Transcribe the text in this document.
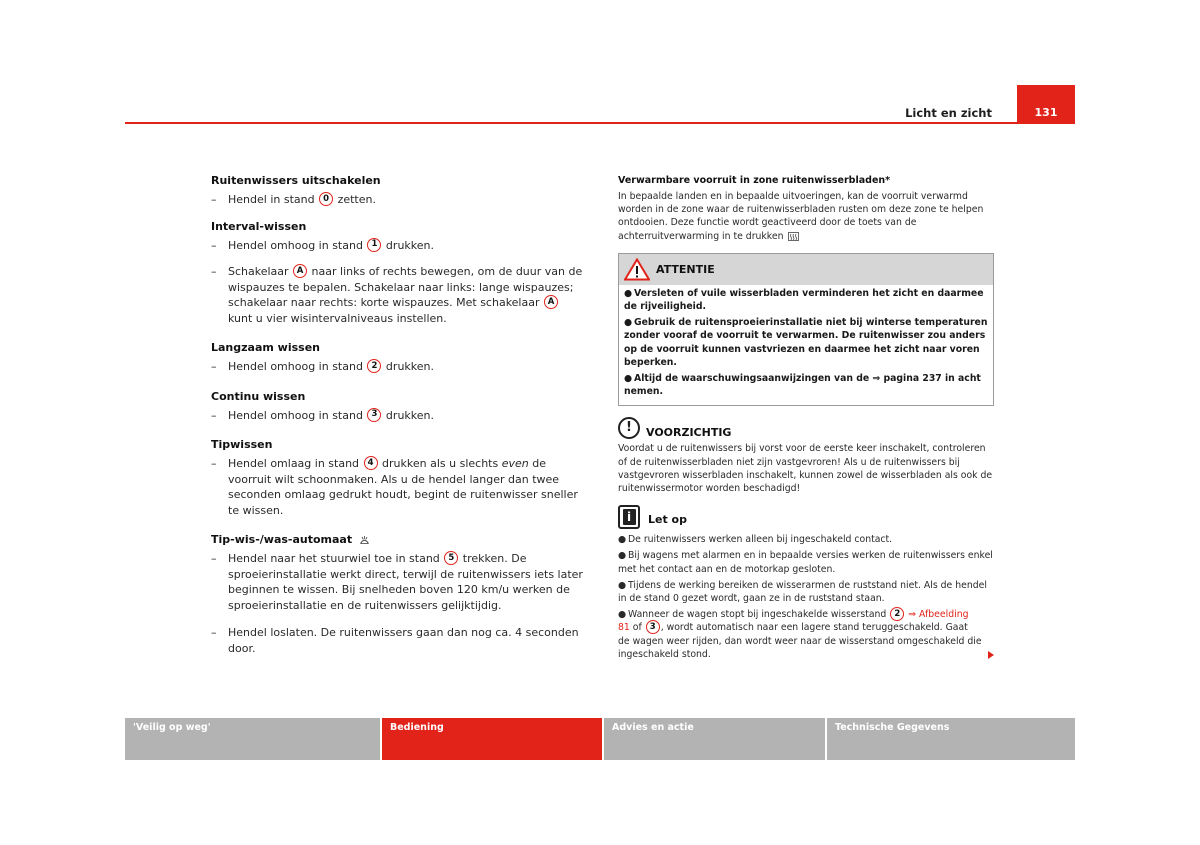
Licht en zicht	131
Ruitenwissers uitschakelen
– Hendel in stand 0 zetten.
Interval-wissen
– Hendel omhoog in stand 1 drukken.
– Schakelaar A naar links of rechts bewegen, om de duur van de wispauzes te bepalen. Schakelaar naar links: lange wispauzes; schakelaar naar rechts: korte wispauzes. Met schakelaar A kunt u vier wisintervalniveaus instellen.
Langzaam wissen
– Hendel omhoog in stand 2 drukken.
Continu wissen
– Hendel omhoog in stand 3 drukken.
Tipwissen
– Hendel omlaag in stand 4 drukken als u slechts even de voorruit wilt schoonmaken. Als u de hendel langer dan twee seconden omlaag gedrukt houdt, begint de ruitenwisser sneller te wissen.
Tip-wis-/was-automaat
– Hendel naar het stuurwiel toe in stand 5 trekken. De sproeierinstallatie werkt direct, terwijl de ruitenwissers iets later beginnen te wissen. Bij snelheden boven 120 km/u werken de sproeierinstallatie en de ruitenwissers gelijktijdig.
– Hendel loslaten. De ruitenwissers gaan dan nog ca. 4 seconden door.
Verwarmbare voorruit in zone ruitenwisserbladen*
In bepaalde landen en in bepaalde uitvoeringen, kan de voorruit verwarmd worden in de zone waar de ruitenwisserbladen rusten om deze zone te helpen ontdooien. Deze functie wordt geactiveerd door de toets van de achterruitverwarming in te drukken
ATTENTIE
● Versleten of vuile wisserbladen verminderen het zicht en daarmee de rijveiligheid.
● Gebruik de ruitensproeierinstallatie niet bij winterse temperaturen zonder vooraf de voorruit te verwarmen. De ruitenwisser zou anders op de voorruit kunnen vastvriezen en daarmee het zicht naar voren beperken.
● Altijd de waarschuwingsaanwijzingen van de ⇒ pagina 237 in acht nemen.
!	VOORZICHTIG
Voordat u de ruitenwissers bij vorst voor de eerste keer inschakelt, controleren of de ruitenwisserbladen niet zijn vastgevroren! Als u de ruitenwissers bij vastgevroren wisserbladen inschakelt, kunnen zowel de wisserbladen als ook de ruitenwissermotor worden beschadigd!
i	Let op
● De ruitenwissers werken alleen bij ingeschakeld contact.
● Bij wagens met alarmen en in bepaalde versies werken de ruitenwissers enkel met het contact aan en de motorkap gesloten.
● Tijdens de werking bereiken de wisserarmen de ruststand niet. Als de hendel in de stand 0 gezet wordt, gaan ze in de ruststand staan.
● Wanneer de wagen stopt bij ingeschakelde wisserstand 2 ⇒ Afbeelding 81 of 3 , wordt automatisch naar een lagere stand teruggeschakeld. Gaat de wagen weer rijden, dan wordt weer naar de wisserstand omgeschakeld die ingeschakeld stond.
'Veilig op weg'	Bediening	Advies en actie	Technische Gegevens
